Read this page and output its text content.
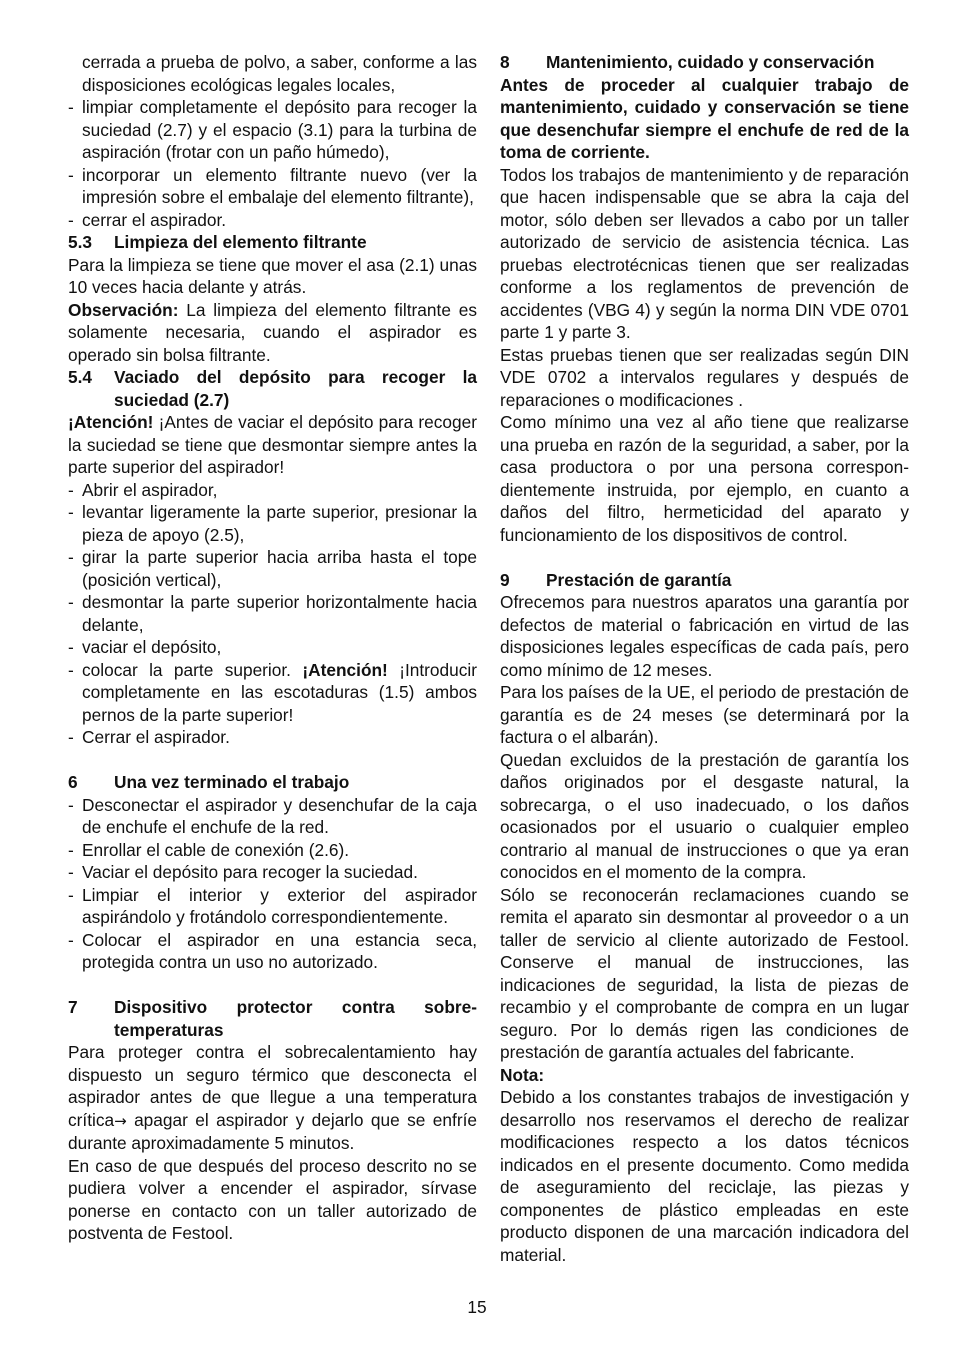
cerrada a prueba de polvo, a saber, conforme a las disposiciones ecológicas legales locales,

- limpiar completamente el depósito para recoger la suciedad (2.7) y el espacio (3.1) para la turbina de aspiración (frotar con un paño húmedo),
- incorporar un elemento filtrante nuevo (ver la impresión sobre el embalaje del elemento filtrante),
- cerrar el aspirador.
5.3	Limpieza del elemento filtrante

Para la limpieza se tiene que mover el asa (2.1) unas 10 veces hacia delante y atrás.

Observación: La limpieza del elemento filtrante es solamente necesaria, cuando el aspirador es operado sin bolsa filtrante.

5.4	Vaciado del depósito para recoger la suciedad (2.7)

¡Atención! ¡Antes de vaciar el depósito para recoger la suciedad se tiene que desmontar siempre antes la parte superior del aspirador!

- Abrir el aspirador,
- levantar ligeramente la parte superior, presionar la pieza de apoyo (2.5),
- girar la parte superior hacia arriba hasta el tope (posición vertical),
- desmontar la parte superior horizontalmente hacia delante,
- vaciar el depósito,
- colocar la parte superior. ¡Atención! ¡Introducir completamente en las escotaduras (1.5) ambos pernos de la parte superior!
- Cerrar el aspirador.
6	Una vez terminado el trabajo
- Desconectar el aspirador y desenchufar de la caja de enchufe el enchufe de la red.
- Enrollar el cable de conexión (2.6).
- Vaciar el depósito para recoger la suciedad.
- Limpiar el interior y exterior del aspirador aspirándolo y frotándolo correspondientemente.
- Colocar el aspirador en una estancia seca, protegida contra un uso no autorizado.
7	Dispositivo protector contra sobre-temperaturas

Para proteger contra el sobrecalentamiento hay dispuesto un seguro térmico que desconecta el aspirador antes de que llegue a una temperatura crítica→ apagar el aspirador y dejarlo que se enfríe durante aproximadamente 5 minutos.

En caso de que después del proceso descrito no se pudiera volver a encender el aspirador, sírvase ponerse en contacto con un taller autorizado de postventa de Festool.

8	Mantenimiento, cuidado y conservación

Antes de proceder al cualquier trabajo de mantenimiento, cuidado y conservación se tiene que desenchufar siempre el enchufe de red de la toma de corriente.

Todos los trabajos de mantenimiento y de reparación que hacen indispensable que se abra la caja del motor, sólo deben ser llevados a cabo por un taller autorizado de servicio de asistencia técnica. Las pruebas electrotécnicas tienen que ser realizadas conforme a los reglamentos de prevención de accidentes (VBG 4) y según la norma DIN VDE 0701 parte 1 y parte 3.

Estas pruebas tienen que ser realizadas según DIN VDE 0702 a intervalos regulares y después de reparaciones o modificaciones .

Como mínimo una vez al año tiene que realizarse una prueba en razón de la seguridad, a saber, por la casa productora o por una persona correspon-dientemente instruida, por ejemplo, en cuanto a daños del filtro, hermeticidad del aparato y funcionamiento de los dispositivos de control.

9	Prestación de garantía

Ofrecemos para nuestros aparatos una garantía por defectos de material o fabricación en virtud de las disposiciones legales específicas de cada país, pero como mínimo de 12 meses.

Para los países de la UE, el periodo de prestación de garantía es de 24 meses (se determinará por la factura o el albarán).

Quedan excluidos de la prestación de garantía los daños originados por el desgaste natural, la sobrecarga, o el uso inadecuado, o los daños ocasionados por el usuario o cualquier empleo contrario al manual de instrucciones o que ya eran conocidos en el momento de la compra.

Sólo se reconocerán reclamaciones cuando se remita el aparato sin desmontar al proveedor o a un taller de servicio al cliente autorizado de Festool. Conserve el manual de instrucciones, las indicaciones de seguridad, la lista de piezas de recambio y el comprobante de compra en un lugar seguro. Por lo demás rigen las condiciones de prestación de garantía actuales del fabricante.

Nota:

Debido a los constantes trabajos de investigación y desarrollo nos reservamos el derecho de realizar modificaciones respecto a los datos técnicos indicados en el presente documento. Como medida de aseguramiento del reciclaje, las piezas y componentes de plástico empleadas en este producto disponen de una marcación indicadora del material.

15
